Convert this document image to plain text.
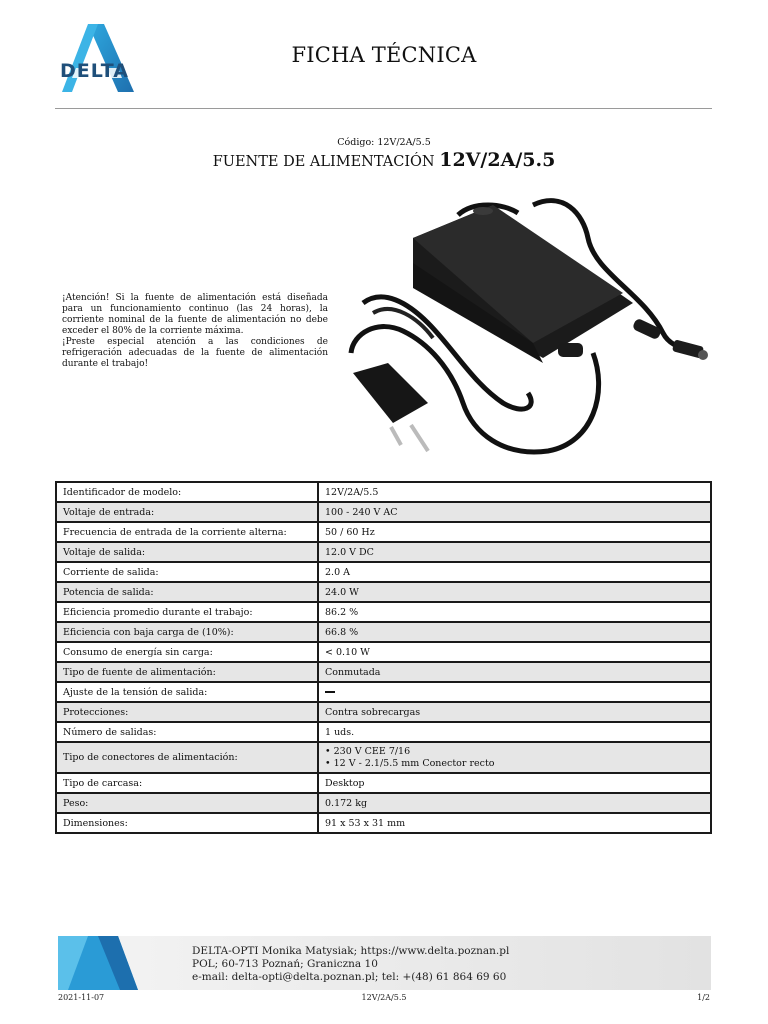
DELTA
FICHA TÉCNICA
Código: 12V/2A/5.5
FUENTE DE ALIMENTACIÓN 12V/2A/5.5
¡Atención! Si la fuente de alimentación está diseñada para un funcionamiento continuo (las 24 horas), la corriente nominal de la fuente de alimentación no debe exceder el 80% de la corriente máxima.
¡Preste especial atención a las condiciones de refrigeración adecuadas de la fuente de alimentación durante el trabajo!
Identificador de modelo:	12V/2A/5.5
Voltaje de entrada:	100 - 240 V AC
Frecuencia de entrada de la corriente alterna:	50 / 60 Hz
Voltaje de salida:	12.0 V DC
Corriente de salida:	2.0 A
Potencia de salida:	24.0 W
Eficiencia promedio durante el trabajo:	86.2 %
Eficiencia con baja carga de (10%):	66.8 %
Consumo de energía sin carga:	< 0.10 W
Tipo de fuente de alimentación:	Conmutada
Ajuste de la tensión de salida:	
Protecciones:	Contra sobrecargas
Número de salidas:	1 uds.
Tipo de conectores de alimentación:	• 230 V CEE 7/16
• 12 V - 2.1/5.5 mm Conector recto

Tipo de carcasa:	Desktop
Peso:	0.172 kg
Dimensiones:	91 x 53 x 31 mm
DELTA-OPTI Monika Matysiak; https://www.delta.poznan.pl
POL; 60-713 Poznań; Graniczna 10
e-mail: delta-opti@delta.poznan.pl; tel: +(48) 61 864 69 60
2021-11-07	12V/2A/5.5	1/2
